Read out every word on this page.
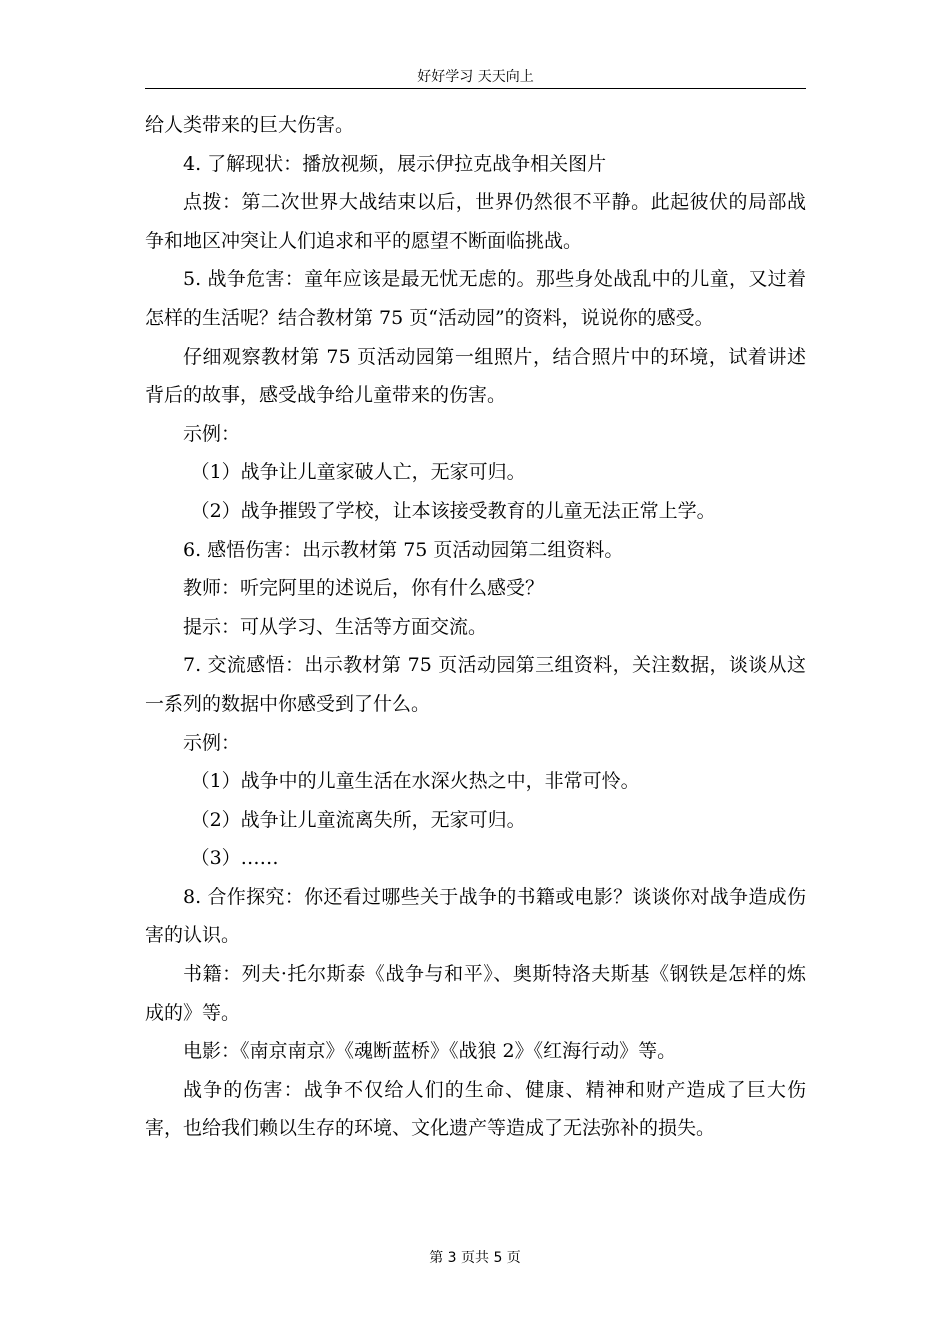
好好学习 天天向上

给人类带来的巨大伤害。

4. 了解现状：播放视频，展示伊拉克战争相关图片

点拨：第二次世界大战结束以后，世界仍然很不平静。此起彼伏的局部战争和地区冲突让人们追求和平的愿望不断面临挑战。

5. 战争危害：童年应该是最无忧无虑的。那些身处战乱中的儿童，又过着怎样的生活呢？结合教材第 75 页“活动园”的资料，说说你的感受。

仔细观察教材第 75 页活动园第一组照片，结合照片中的环境，试着讲述背后的故事，感受战争给儿童带来的伤害。

示例：

（1）战争让儿童家破人亡，无家可归。

（2）战争摧毁了学校，让本该接受教育的儿童无法正常上学。

6. 感悟伤害：出示教材第 75 页活动园第二组资料。

教师：听完阿里的述说后，你有什么感受？

提示：可从学习、生活等方面交流。

7. 交流感悟：出示教材第 75 页活动园第三组资料，关注数据，谈谈从这一系列的数据中你感受到了什么。

示例：

（1）战争中的儿童生活在水深火热之中，非常可怜。

（2）战争让儿童流离失所，无家可归。

（3）……

8. 合作探究：你还看过哪些关于战争的书籍或电影？谈谈你对战争造成伤害的认识。

书籍：列夫·托尔斯泰《战争与和平》、奥斯特洛夫斯基《钢铁是怎样的炼成的》等。

电影：《南京南京》《魂断蓝桥》《战狼 2》《红海行动》等。

战争的伤害：战争不仅给人们的生命、健康、精神和财产造成了巨大伤害，也给我们赖以生存的环境、文化遗产等造成了无法弥补的损失。

第 3 页共 5 页
